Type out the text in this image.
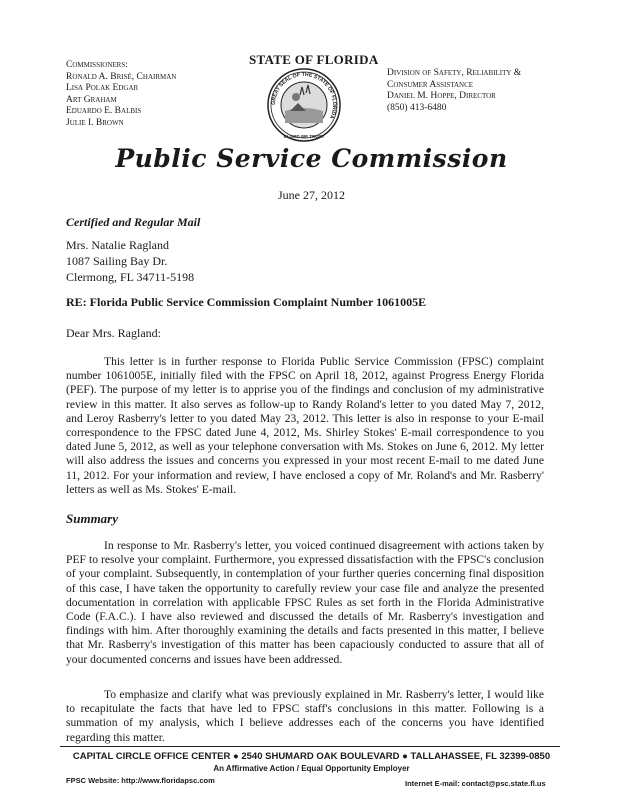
Commissioners:
Ronald A. Brisé, Chairman
Lisa Polak Edgar
Art Graham
Eduardo E. Balbis
Julie I. Brown
STATE OF FLORIDA
GREAT SEAL OF THE STATE OF FLORIDA
IN GOD WE TRUST
Division of Safety, Reliability &
Consumer Assistance
Daniel M. Hoppe, Director
(850) 413-6480
Public Service Commission
June 27, 2012
Certified and Regular Mail
Mrs. Natalie Ragland
1087 Sailing Bay Dr.
Clermong, FL 34711-5198
RE: Florida Public Service Commission Complaint Number 1061005E
Dear Mrs. Ragland:
This letter is in further response to Florida Public Service Commission (FPSC) complaint number 1061005E, initially filed with the FPSC on April 18, 2012, against Progress Energy Florida (PEF). The purpose of my letter is to apprise you of the findings and conclusion of my administrative review in this matter. It also serves as follow-up to Randy Roland's letter to you dated May 7, 2012, and Leroy Rasberry's letter to you dated May 23, 2012. This letter is also in response to your E-mail correspondence to the FPSC dated June 4, 2012, Ms. Shirley Stokes' E-mail correspondence to you dated June 5, 2012, as well as your telephone conversation with Ms. Stokes on June 6, 2012. My letter will also address the issues and concerns you expressed in your most recent E-mail to me dated June 11, 2012. For your information and review, I have enclosed a copy of Mr. Roland's and Mr. Rasberry' letters as well as Ms. Stokes' E-mail.
Summary
In response to Mr. Rasberry's letter, you voiced continued disagreement with actions taken by PEF to resolve your complaint. Furthermore, you expressed dissatisfaction with the FPSC's conclusion of your complaint. Subsequently, in contemplation of your further queries concerning final disposition of this case, I have taken the opportunity to carefully review your case file and analyze the presented documentation in correlation with applicable FPSC Rules as set forth in the Florida Administrative Code (F.A.C.). I have also reviewed and discussed the details of Mr. Rasberry's investigation and findings with him. After thoroughly examining the details and facts presented in this matter, I believe that Mr. Rasberry's investigation of this matter has been capaciously conducted to assure that all of your documented concerns and issues have been addressed.
To emphasize and clarify what was previously explained in Mr. Rasberry's letter, I would like to recapitulate the facts that have led to FPSC staff's conclusions in this matter. Following is a summation of my analysis, which I believe addresses each of the concerns you have identified regarding this matter.
CAPITAL CIRCLE OFFICE CENTER ● 2540 SHUMARD OAK BOULEVARD ● TALLAHASSEE, FL 32399-0850
An Affirmative Action / Equal Opportunity Employer
FPSC Website: http://www.floridapsc.com	Internet E-mail: contact@psc.state.fl.us
